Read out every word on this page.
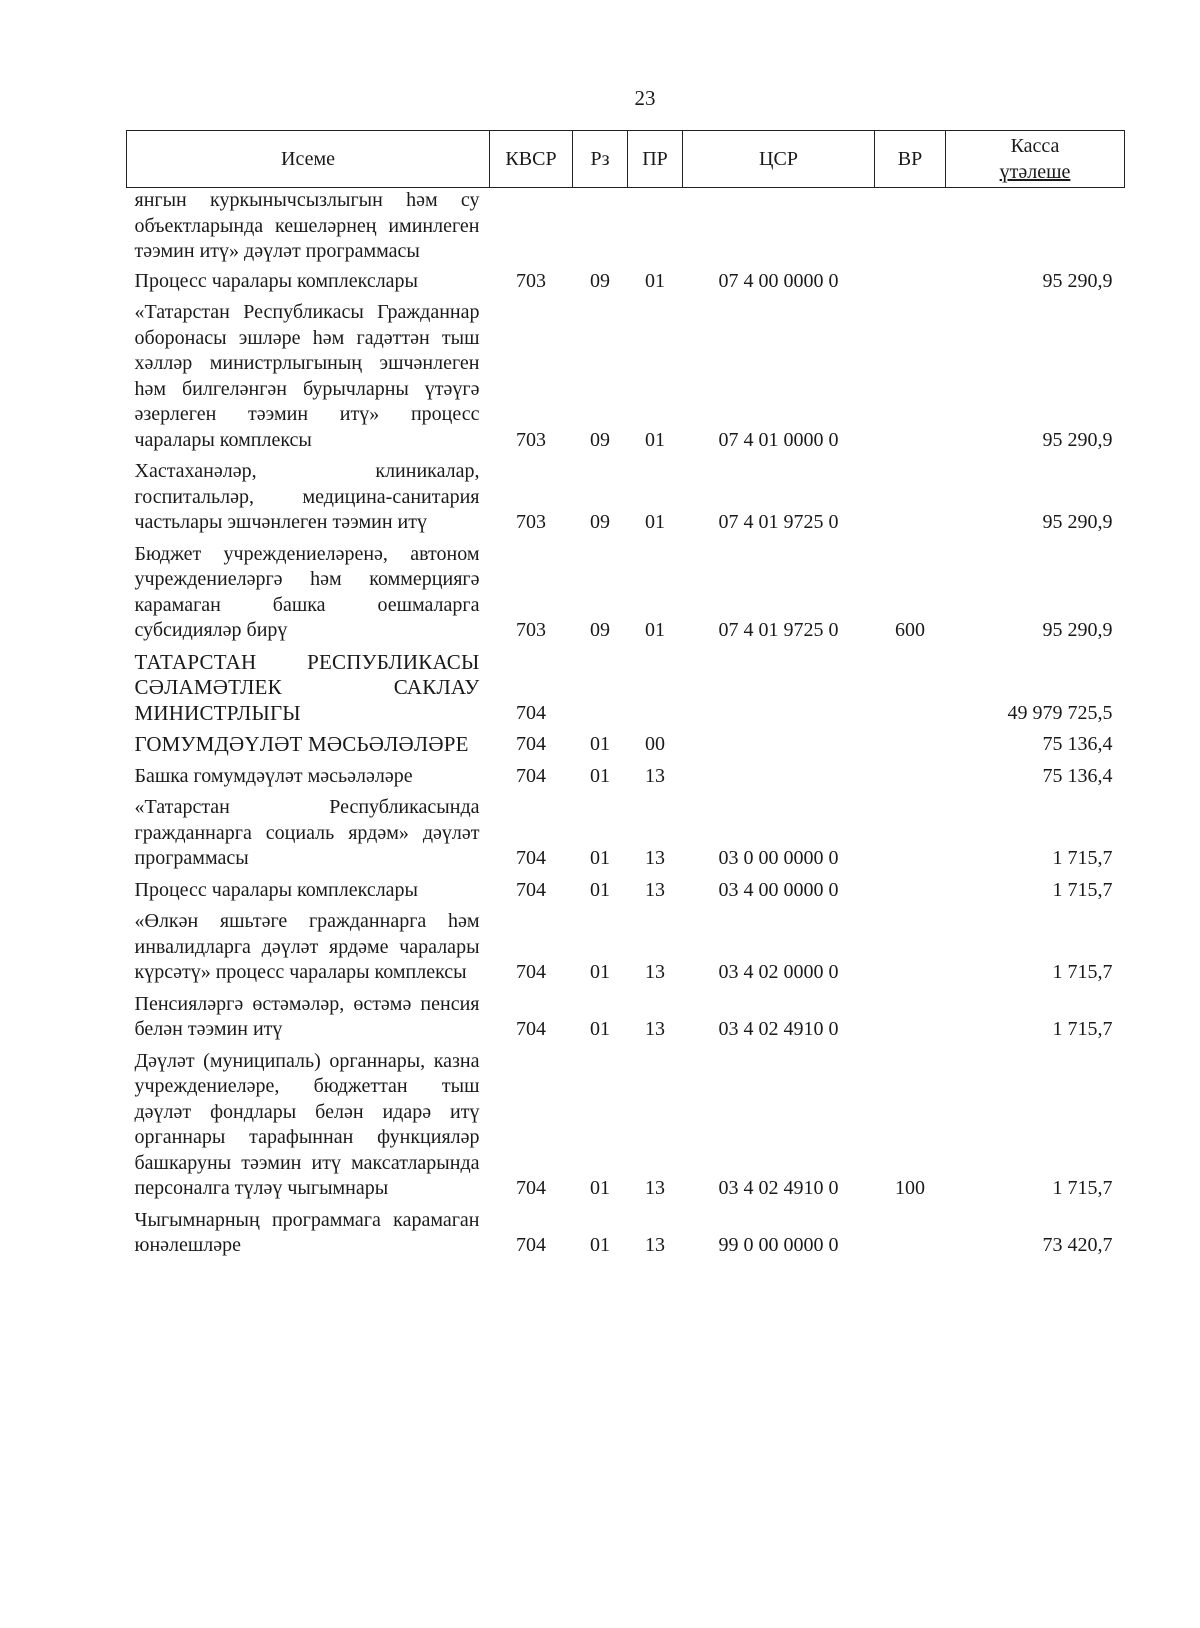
23
Исеме	КВСР	Рз	ПР	ЦСР	ВР	Касса
үтәлеше

янгын куркынычсызлыгын һәм су объектларында кешеләрнең иминлеген тәэмин итү» дәүләт программасы						
Процесс чаралары комплекслары	703	09	01	07 4 00 0000 0		95 290,9
«Татарстан Республикасы Гражданнар оборонасы эшләре һәм гадәттән тыш хәлләр министрлыгының эшчәнлеген һәм билгеләнгән бурычларны үтәүгә әзерлеген тәэмин итү» процесс чаралары комплексы	703	09	01	07 4 01 0000 0		95 290,9
Хастаханәләр, клиникалар, госпитальләр, медицина-санитария частьлары эшчәнлеген тәэмин итү	703	09	01	07 4 01 9725 0		95 290,9
Бюджет учреждениеләренә, автоном учреждениеләргә һәм коммерциягә карамаган башка оешмаларга субсидияләр бирү	703	09	01	07 4 01 9725 0	600	95 290,9
ТАТАРСТАН РЕСПУБЛИКАСЫ СӘЛАМӘТЛЕК САКЛАУ МИНИСТРЛЫГЫ	704					49 979 725,5
ГОМУМДӘҮЛӘТ МӘСЬӘЛӘЛӘРЕ	704	01	00			75 136,4
Башка гомумдәүләт мәсьәләләре	704	01	13			75 136,4
«Татарстан Республикасында гражданнарга социаль ярдәм» дәүләт программасы	704	01	13	03 0 00 0000 0		1 715,7
Процесс чаралары комплекслары	704	01	13	03 4 00 0000 0		1 715,7
«Өлкән яшьтәге гражданнарга һәм инвалидларга дәүләт ярдәме чаралары күрсәтү» процесс чаралары комплексы	704	01	13	03 4 02 0000 0		1 715,7
Пенсияләргә өстәмәләр, өстәмә пенсия белән тәэмин итү	704	01	13	03 4 02 4910 0		1 715,7
Дәүләт (муниципаль) органнары, казна учреждениеләре, бюджеттан тыш дәүләт фондлары белән идарә итү органнары тарафыннан функцияләр башкаруны тәэмин итү максатларында персоналга түләү чыгымнары	704	01	13	03 4 02 4910 0	100	1 715,7
Чыгымнарның программага карамаган юнәлешләре	704	01	13	99 0 00 0000 0		73 420,7
